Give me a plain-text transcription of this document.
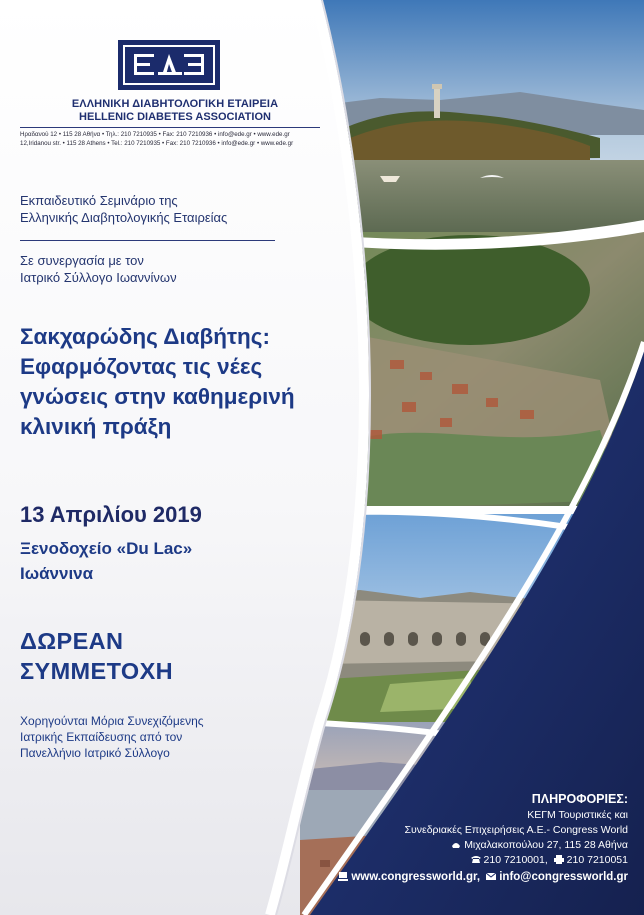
ΕΛΛΗΝΙΚΗ ΔΙΑΒΗΤΟΛΟΓΙΚΗ ΕΤΑΙΡΕΙΑ
HELLENIC DIABETES ASSOCIATION
Ηραδανού 12 • 115 28 Αθήνα • Τηλ.: 210 7210935 • Fax: 210 7210936 • info@ede.gr • www.ede.gr
12,Iridanou str. • 115 28 Athens • Tel.: 210 7210935 • Fax: 210 7210936 • info@ede.gr • www.ede.gr
Εκπαιδευτικό Σεμινάριο της
Ελληνικής Διαβητολογικής Εταιρείας
Σε συνεργασία με τον
Ιατρικό Σύλλογο Ιωαννίνων
Σακχαρώδης Διαβήτης:
Εφαρμόζοντας τις νέες
γνώσεις στην καθημερινή
κλινική πράξη
13 Απριλίου 2019
Ξενοδοχείο «Du Lac»
Ιωάννινα
ΔΩΡΕΑΝ
ΣΥΜΜΕΤΟΧΗ
Χορηγούνται Μόρια Συνεχιζόμενης
Ιατρικής Εκπαίδευσης από τον
Πανελλήνιο Ιατρικό Σύλλογο
ΠΛΗΡΟΦΟΡΙΕΣ:
ΚΕΓΜ Τουριστικές και
Συνεδριακές Επιχειρήσεις Α.Ε.- Congress World
Μιχαλακοπούλου 27, 115 28 Αθήνα
210 7210001, 210 7210051
www.congressworld.gr, info@congressworld.gr
